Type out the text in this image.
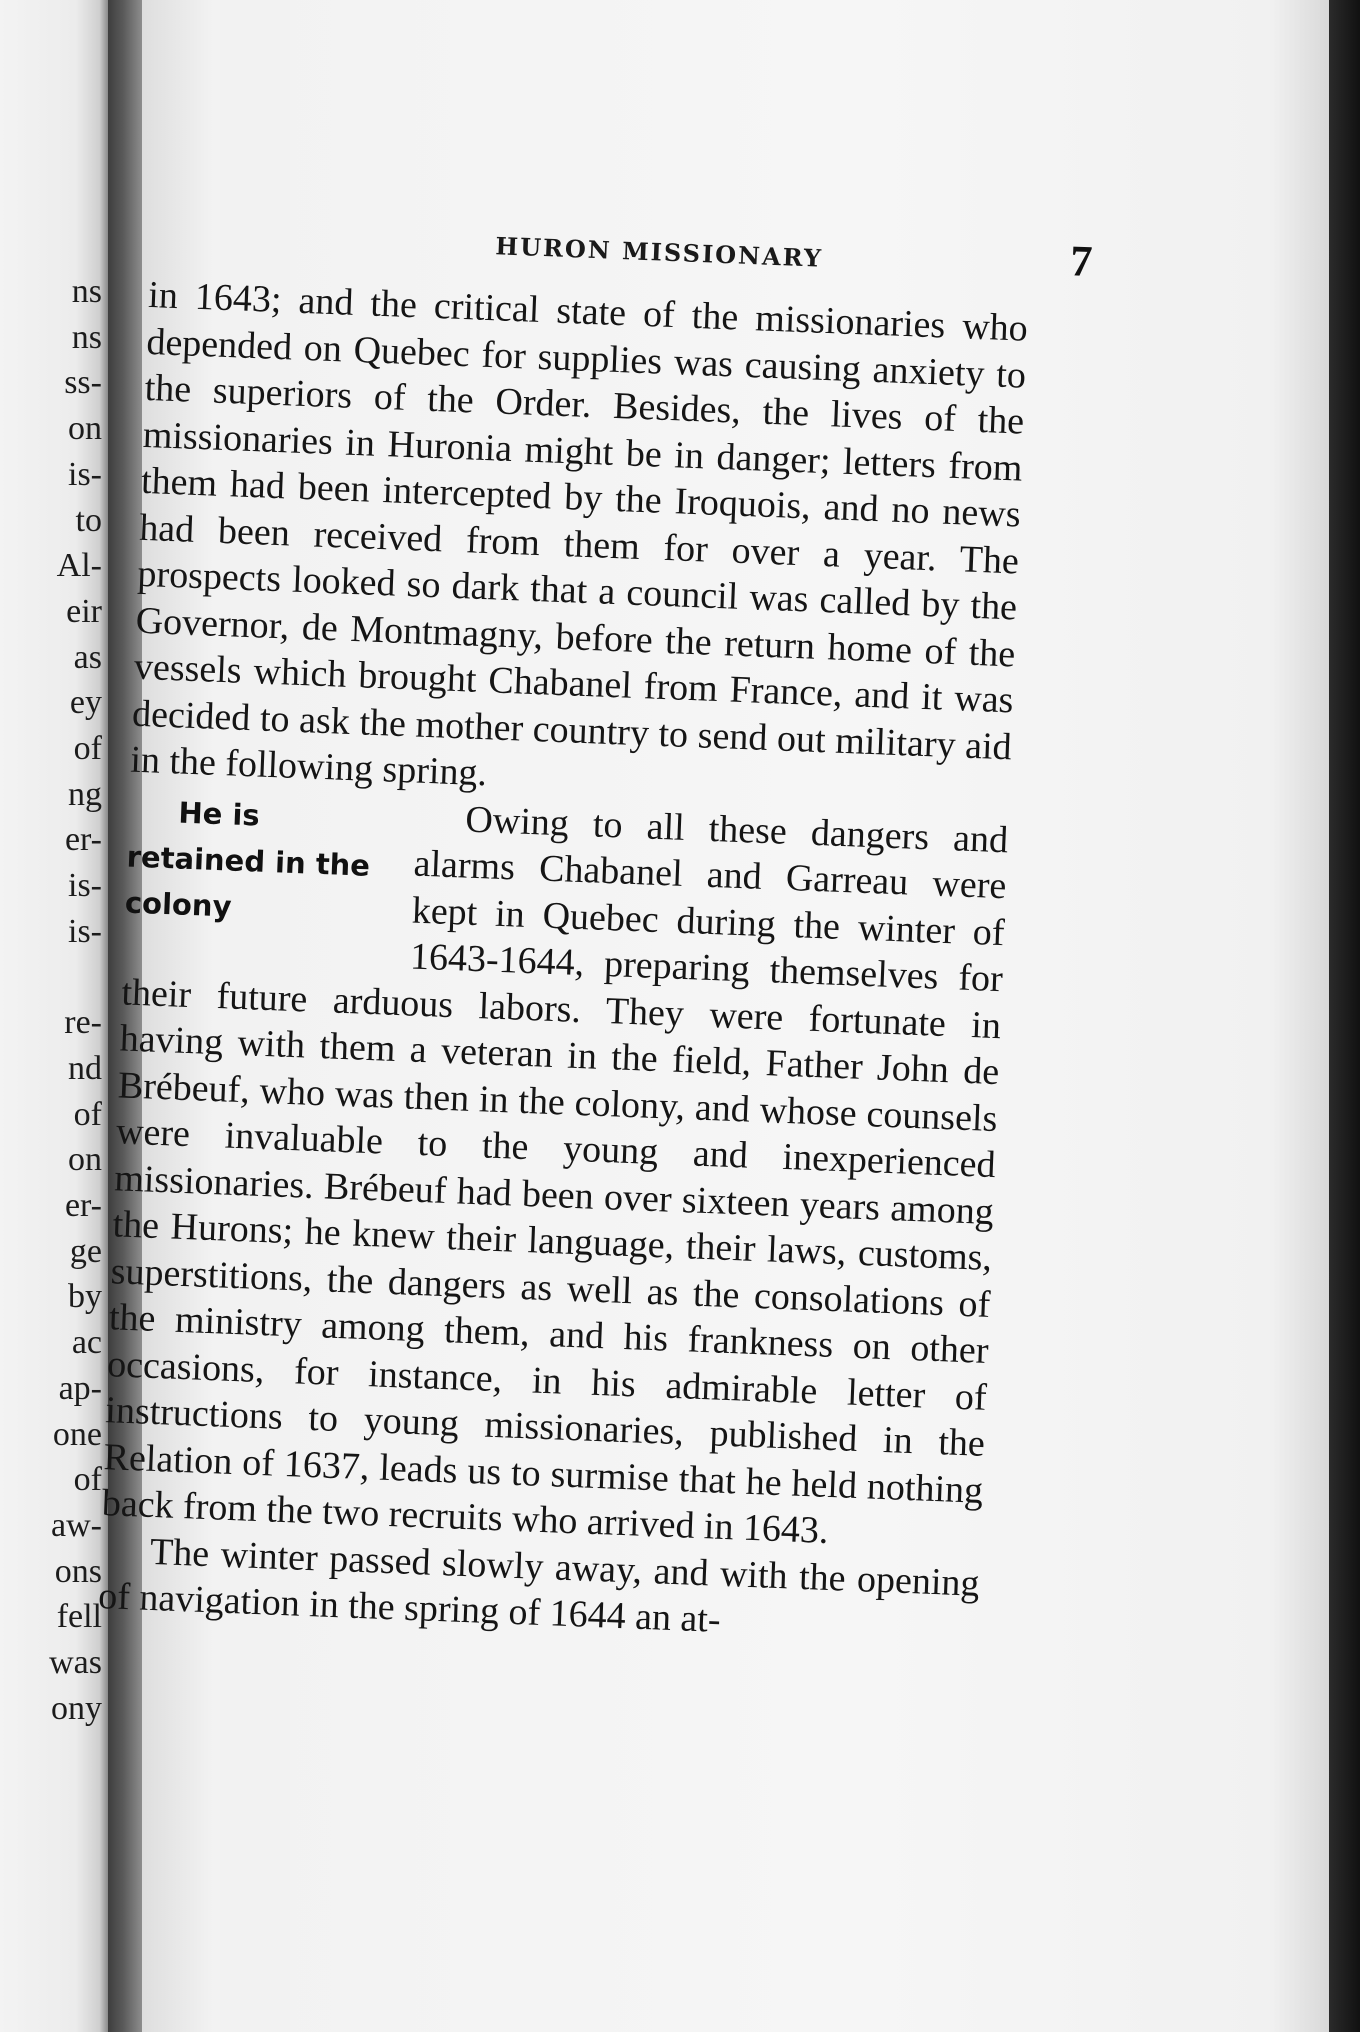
ns
ns
ss-
on
is-
to
Al-
eir
as
ey
of
ng
er-
is-
is-
re-
nd
of
on
er-
ge
by
ac
ap-
one
of
aw-
ons
fell
was
ony
HURON MISSIONARY	7

in 1643; and the critical state of the missionaries who depended on Quebec for supplies was causing anxiety to the superiors of the Order. Besides, the lives of the missionaries in Huronia might be in danger; letters from them had been intercepted by the Iroquois, and no news had been received from them for over a year. The prospects looked so dark that a council was called by the Governor, de Montmagny, before the return home of the vessels which brought Chabanel from France, and it was decided to ask the mother country to send out military aid in the following spring.

He is retained in the colony
Owing to all these dangers and alarms Chabanel and Garreau were kept in Quebec during the winter of 1643-1644, preparing themselves for their future arduous labors. They were fortunate in having with them a veteran in the field, Father John de Brébeuf, who was then in the colony, and whose counsels were invaluable to the young and inexperienced missionaries. Brébeuf had been over sixteen years among the Hurons; he knew their language, their laws, customs, superstitions, the dangers as well as the consolations of the ministry among them, and his frankness on other occasions, for instance, in his admirable letter of instructions to young missionaries, published in the Relation of 1637, leads us to surmise that he held nothing back from the two recruits who arrived in 1643.

The winter passed slowly away, and with the opening of navigation in the spring of 1644 an at-
